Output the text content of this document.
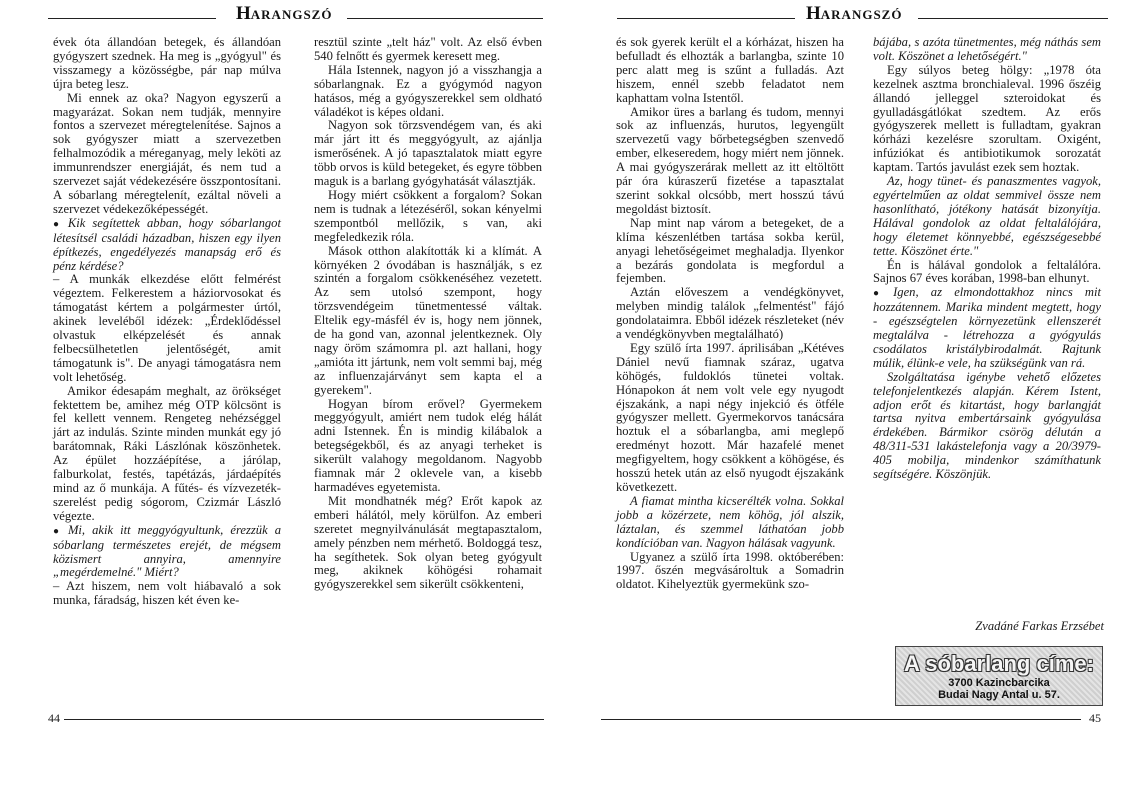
HARANGSZÓ

évek óta állandóan betegek, és állandóan gyógyszert szednek. Ha meg is „gyógyul" és visszamegy a közösségbe, pár nap múlva újra beteg lesz.

Mi ennek az oka? Nagyon egyszerű a magyarázat. Sokan nem tudják, mennyire fontos a szervezet méregtelenítése. Sajnos a sok gyógyszer miatt a szervezetben felhalmozódik a méreganyag, mely leköti az immunrendszer energiáját, és nem tud a szervezet saját védekezésére összpontosítani. A sóbarlang méregtelenít, ezáltal növeli a szervezet védekezőképességét.

● Kik segítettek abban, hogy sóbarlangot létesítsél családi házadban, hiszen egy ilyen építkezés, engedélyezés manapság erő és pénz kérdése?

– A munkák elkezdése előtt felmérést végeztem. Felkerestem a háziorvosokat és támogatást kértem a polgármester úrtól, akinek leveléből idézek: „Érdeklődéssel olvastuk elképzelését és annak felbecsülhetetlen jelentőségét, amit támogatunk is". De anyagi támogatásra nem volt lehetőség.

Amikor édesapám meghalt, az örökséget fektettem be, amihez még OTP kölcsönt is fel kellett vennem. Rengeteg nehézséggel járt az indulás. Szinte minden munkát egy jó barátomnak, Ráki Lászlónak köszönhetek. Az épület hozzáépítése, a járólap, falburkolat, festés, tapétázás, járdaépítés mind az ő munkája. A fűtés- és vízvezeték-szerelést pedig sógorom, Czizmár László végezte.

● Mi, akik itt meggyógyultunk, érezzük a sóbarlang természetes erejét, de mégsem közismert annyira, amennyire „megérdemelné." Miért?

– Azt hiszem, nem volt hiábavaló a sok munka, fáradság, hiszen két éven ke-

resztül szinte „telt ház" volt. Az első évben 540 felnőtt és gyermek keresett meg.

Hála Istennek, nagyon jó a visszhangja a sóbarlangnak. Ez a gyógymód nagyon hatásos, még a gyógyszerekkel sem oldható váladékot is képes oldani.

Nagyon sok törzsvendégem van, és aki már járt itt és meggyógyult, az ajánlja ismerősének. A jó tapasztalatok miatt egyre több orvos is küld betegeket, és egyre többen maguk is a barlang gyógyhatását választják.

Hogy miért csökkent a forgalom? Sokan nem is tudnak a létezéséről, sokan kényelmi szempontból mellőzik, s van, aki megfeledkezik róla.

Mások otthon alakították ki a klímát. A környéken 2 óvodában is használják, s ez szintén a forgalom csökkenéséhez vezetett. Az sem utolsó szempont, hogy törzsvendégeim tünetmentessé váltak. Eltelik egy-másfél év is, hogy nem jönnek, de ha gond van, azonnal jelentkeznek. Oly nagy öröm számomra pl. azt hallani, hogy „amióta itt jártunk, nem volt semmi baj, még az influenzajárványt sem kapta el a gyerekem".

Hogyan bírom erővel? Gyermekem meggyógyult, amiért nem tudok elég hálát adni Istennek. Én is mindig kilábalok a betegségekből, és az anyagi terheket is sikerült valahogy megoldanom. Nagyobb fiamnak már 2 oklevele van, a kisebb harmadéves egyetemista.

Mit mondhatnék még? Erőt kapok az emberi hálától, mely körülfon. Az emberi szeretet megnyilvánulását megtapasztalom, amely pénzben nem mérhető. Boldoggá tesz, ha segíthetek. Sok olyan beteg gyógyult meg, akiknek köhögési rohamait gyógyszerekkel sem sikerült csökkenteni,

44
HARANGSZÓ

és sok gyerek került el a kórházat, hiszen ha befulladt és elhozták a barlangba, szinte 10 perc alatt meg is szűnt a fulladás. Azt hiszem, ennél szebb feladatot nem kaphattam volna Istentől.

Amikor üres a barlang és tudom, mennyi sok az influenzás, hurutos, legyengült szervezetű vagy bőrbetegségben szenvedő ember, elkeseredem, hogy miért nem jönnek. A mai gyógyszerárak mellett az itt eltöltött pár óra kúraszerű fizetése a tapasztalat szerint sokkal olcsóbb, mert hosszú távú megoldást biztosít.

Nap mint nap várom a betegeket, de a klíma készenlétben tartása sokba kerül, anyagi lehetőségeimet meghaladja. Ilyenkor a bezárás gondolata is megfordul a fejemben.

Aztán előveszem a vendégkönyvet, melyben mindig találok „felmentést" fájó gondolataimra. Ebből idézek részleteket (név a vendégkönyvben megtalálható)

Egy szülő írta 1997. áprilisában „Kétéves Dániel nevű fiamnak száraz, ugatva köhögés, fuldoklós tünetei voltak. Hónapokon át nem volt vele egy nyugodt éjszakánk, a napi négy injekció és ötféle gyógyszer mellett. Gyermekorvos tanácsára hoztuk el a sóbarlangba, ami meglepő eredményt hozott. Már hazafelé menet megfigyeltem, hogy csökkent a köhögése, és hosszú hetek után az első nyugodt éjszakánk következett.

A fiamat mintha kicserélték volna. Sokkal jobb a közérzete, nem köhög, jól alszik, láztalan, és szemmel láthatóan jobb kondícióban van. Nagyon hálásak vagyunk.

Ugyanez a szülő írta 1998. októberében: 1997. őszén megvásároltuk a Somadrin oldatot. Kihelyeztük gyermekünk szo-

bájába, s azóta tünetmentes, még náthás sem volt. Köszönet a lehetőségért."

Egy súlyos beteg hölgy: „1978 óta kezelnek asztma bronchialeval. 1996 őszéig állandó jelleggel szteroidokat és gyulladásgátlókat szedtem. Az erős gyógyszerek mellett is fulladtam, gyakran kórházi kezelésre szorultam. Oxigént, infúziókat és antibiotikumok sorozatát kaptam. Tartós javulást ezek sem hoztak.

Az, hogy tünet- és panaszmentes vagyok, egyértelműen az oldat semmivel össze nem hasonlítható, jótékony hatását bizonyítja. Hálával gondolok az oldat feltalálójára, hogy életemet könnyebbé, egészségesebbé tette. Köszönet érte."

Én is hálával gondolok a feltalálóra. Sajnos 67 éves korában, 1998-ban elhunyt.

● Igen, az elmondottakhoz nincs mit hozzátennem. Marika mindent megtett, hogy - egészségtelen környezetünk ellenszerét megtalálva - létrehozza a gyógyulás csodálatos kristálybirodalmát. Rajtunk múlik, élünk-e vele, ha szükségünk van rá.

Szolgáltatása igénybe vehető előzetes telefonjelentkezés alapján. Kérem Istent, adjon erőt és kitartást, hogy barlangját tartsa nyitva embertársaink gyógyulása érdekében. Bármikor csörög délután a 48/311-531 lakástelefonja vagy a 20/3979-405 mobilja, mindenkor számíthatunk segítségére. Köszönjük.

Zvadáné Farkas Erzsébet
A sóbarlang címe:
3700 Kazincbarcika
Budai Nagy Antal u. 57.
45
